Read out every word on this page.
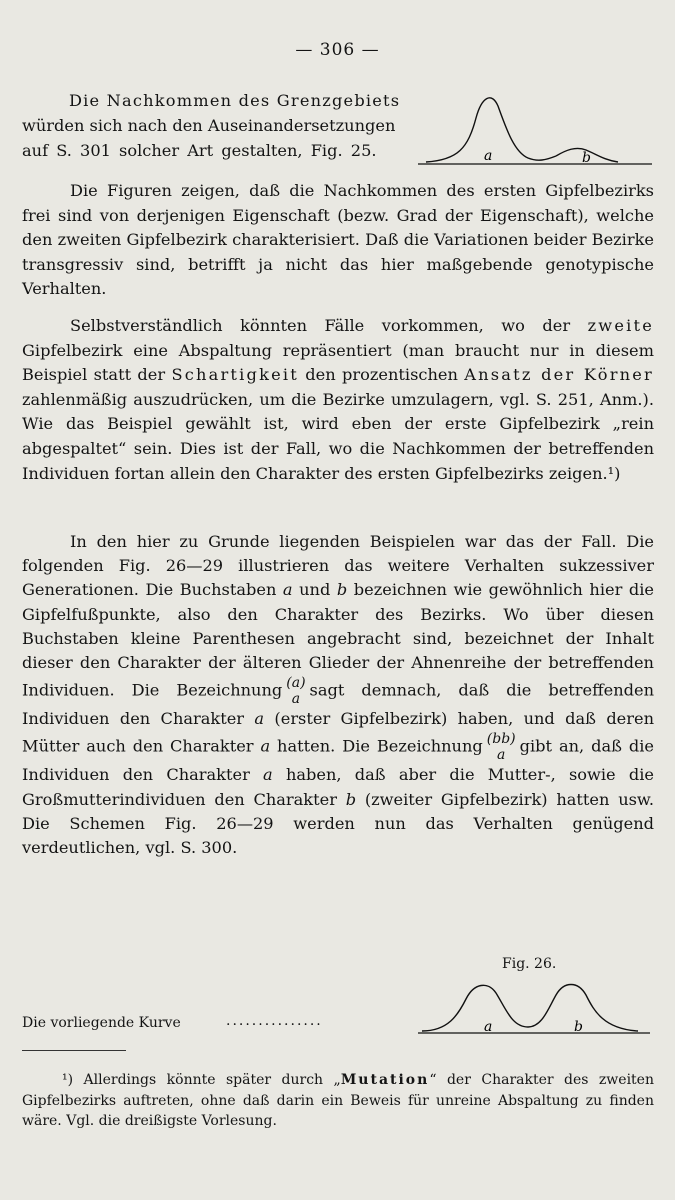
— 306 —
Die Nachkommen des Grenzgebiets
würden sich nach den Auseinandersetzungen
auf S. 301 solcher Art gestalten, Fig. 25.	a	b

Die Figuren zeigen, daß die Nachkommen des ersten Gipfelbezirks frei sind von derjenigen Eigenschaft (bezw. Grad der Eigenschaft), welche den zweiten Gipfelbezirk charakterisiert. Daß die Variationen beider Bezirke transgressiv sind, betrifft ja nicht das hier maßgebende genotypische Verhalten.

Selbstverständlich könnten Fälle vorkommen, wo der zweite Gipfelbezirk eine Abspaltung repräsentiert (man braucht nur in diesem Beispiel statt der Schartigkeit den prozentischen Ansatz der Körner zahlenmäßig auszudrücken, um die Bezirke umzulagern, vgl. S. 251, Anm.). Wie das Beispiel gewählt ist, wird eben der erste Gipfelbezirk „rein abgespaltet“ sein. Dies ist der Fall, wo die Nachkommen der betreffenden Individuen fortan allein den Charakter des ersten Gipfelbezirks zeigen.¹)

In den hier zu Grunde liegenden Beispielen war das der Fall. Die folgenden Fig. 26—29 illustrieren das weitere Verhalten sukzessiver Generationen. Die Buchstaben a und b bezeichnen wie gewöhnlich hier die Gipfelfußpunkte, also den Charakter des Bezirks. Wo über diesen Buchstaben kleine Parenthesen angebracht sind, bezeichnet der Inhalt dieser den Charakter der älteren Glieder der Ahnenreihe der betreffenden Individuen. Die Bezeichnung (a)
a sagt demnach, daß die betreffenden Individuen den Charakter a (erster Gipfelbezirk) haben, und daß deren Mütter auch den Charakter a hatten. Die Bezeichnung (bb)
a gibt an, daß die Individuen den Charakter a haben, daß aber die Mutter-, sowie die Großmutterindividuen den Charakter b (zweiter Gipfelbezirk) hatten usw. Die Schemen Fig. 26—29 werden nun das Verhalten genügend verdeutlichen, vgl. S. 300.

Fig. 26.
Die vorliegende Kurve	...............	a	b

¹) Allerdings könnte später durch „Mutation“ der Charakter des zweiten Gipfelbezirks auftreten, ohne daß darin ein Beweis für unreine Abspaltung zu finden wäre. Vgl. die dreißigste Vorlesung.
